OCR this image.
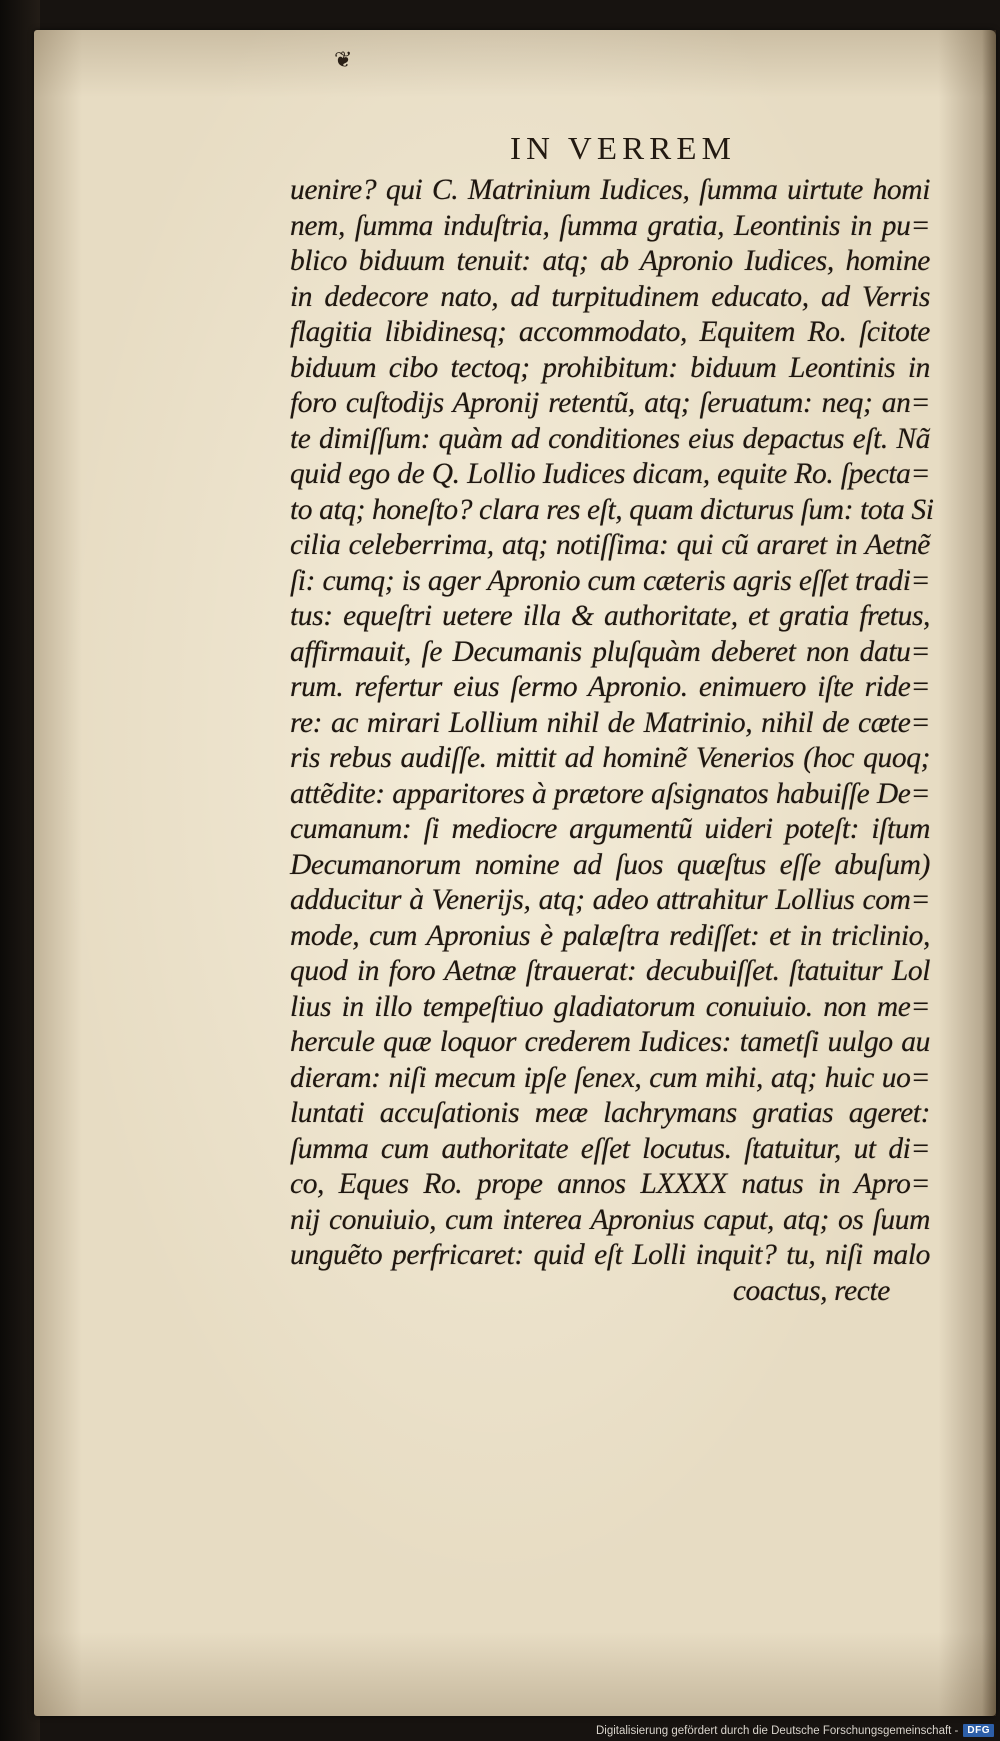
❦
IN VERREM
uenire? qui C. Matrinium Iudices, ſumma uirtute homi
nem, ſumma induſtria, ſumma gratia, Leontinis in pu=
blico biduum tenuit: atq; ab Apronio Iudices, homine
in dedecore nato, ad turpitudinem educato, ad Verris
flagitia libidinesq; accommodato, Equitem Ro. ſcitote
biduum cibo tectoq; prohibitum: biduum Leontinis in
foro cuſtodijs Apronij retentũ, atq; ſeruatum: neq; an=
te dimiſſum: quàm ad conditiones eius depactus eſt. Nã
quid ego de Q. Lollio Iudices dicam, equite Ro. ſpecta=
to atq; honeſto? clara res eſt, quam dicturus ſum: tota Si
cilia celeberrima, atq; notiſſima: qui cũ araret in Aetnẽ
ſi: cumq; is ager Apronio cum cæteris agris eſſet tradi=
tus: equeſtri uetere illa & authoritate, et gratia fretus,
affirmauit, ſe Decumanis pluſquàm deberet non datu=
rum. refertur eius ſermo Apronio. enimuero iſte ride=
re: ac mirari Lollium nihil de Matrinio, nihil de cæte=
ris rebus audiſſe. mittit ad hominẽ Venerios (hoc quoq;
attẽdite: apparitores à prætore aſsignatos habuiſſe De=
cumanum: ſi mediocre argumentũ uideri poteſt: iſtum
Decumanorum nomine ad ſuos quæſtus eſſe abuſum)
adducitur à Venerijs, atq; adeo attrahitur Lollius com=
mode, cum Apronius è palæſtra rediſſet: et in triclinio,
quod in foro Aetnæ ſtrauerat: decubuiſſet. ſtatuitur Lol
lius in illo tempeſtiuo gladiatorum conuiuio. non me=
hercule quæ loquor crederem Iudices: tametſi uulgo au
dieram: niſi mecum ipſe ſenex, cum mihi, atq; huic uo=
luntati accuſationis meæ lachrymans gratias ageret:
ſumma cum authoritate eſſet locutus. ſtatuitur, ut di=
co, Eques Ro. prope annos LXXXX natus in Apro=
nij conuiuio, cum interea Apronius caput, atq; os ſuum
unguẽto perfricaret: quid eſt Lolli inquit? tu, niſi malo
coactus, recte
Digitalisierung gefördert durch die Deutsche Forschungsgemeinschaft - DFG
